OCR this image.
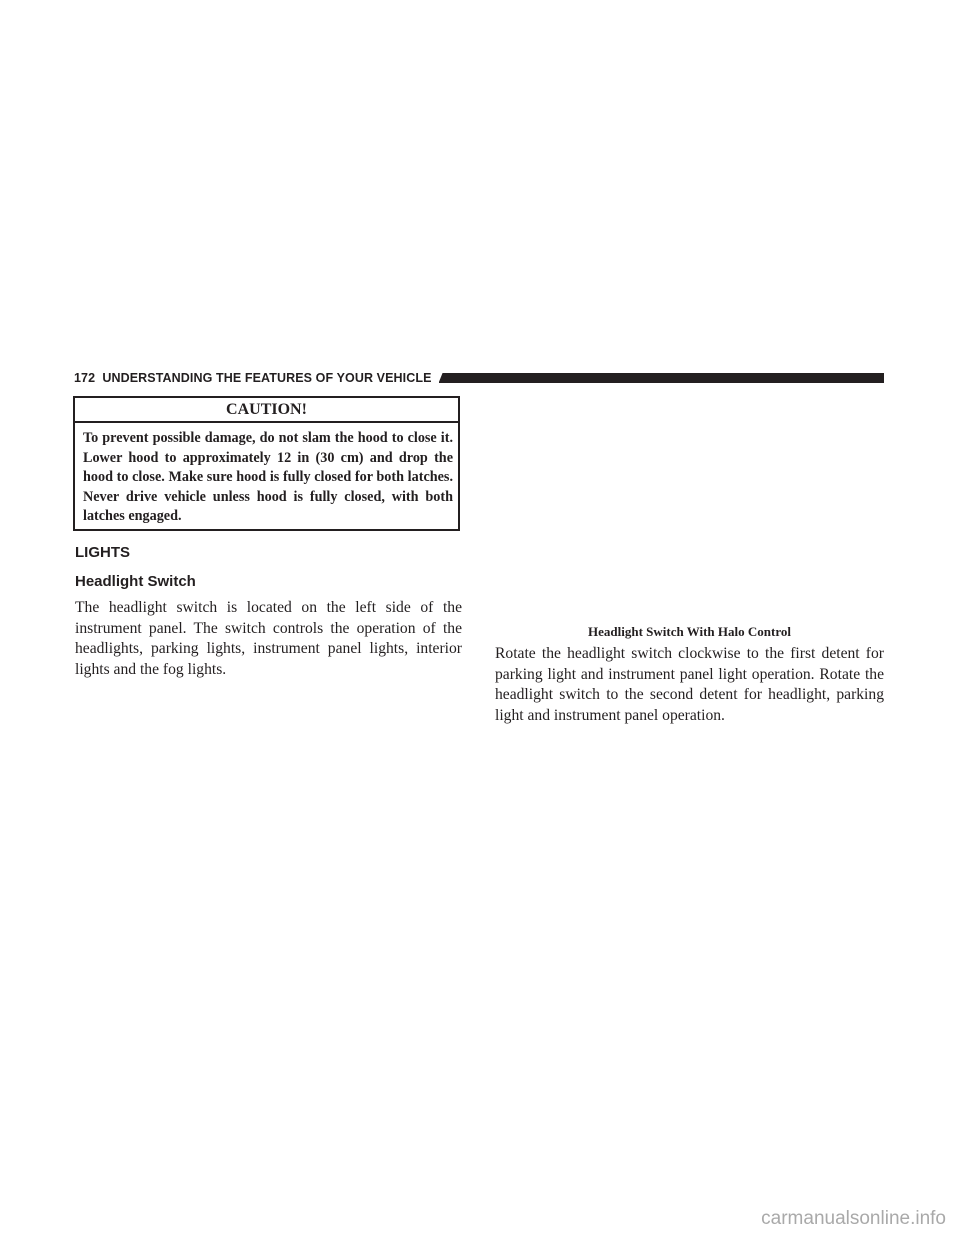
172 UNDERSTANDING THE FEATURES OF YOUR VEHICLE
CAUTION!
To prevent possible damage, do not slam the hood to close it. Lower hood to approximately 12 in (30 cm) and drop the hood to close. Make sure hood is fully closed for both latches. Never drive vehicle unless hood is fully closed, with both latches engaged.
LIGHTS
Headlight Switch

The headlight switch is located on the left side of the instrument panel. The switch controls the operation of the headlights, parking lights, instrument panel lights, interior lights and the fog lights.

Headlight Switch With Halo Control

Rotate the headlight switch clockwise to the first detent for parking light and instrument panel light operation. Rotate the headlight switch to the second detent for headlight, parking light and instrument panel operation.

carmanualsonline.info
